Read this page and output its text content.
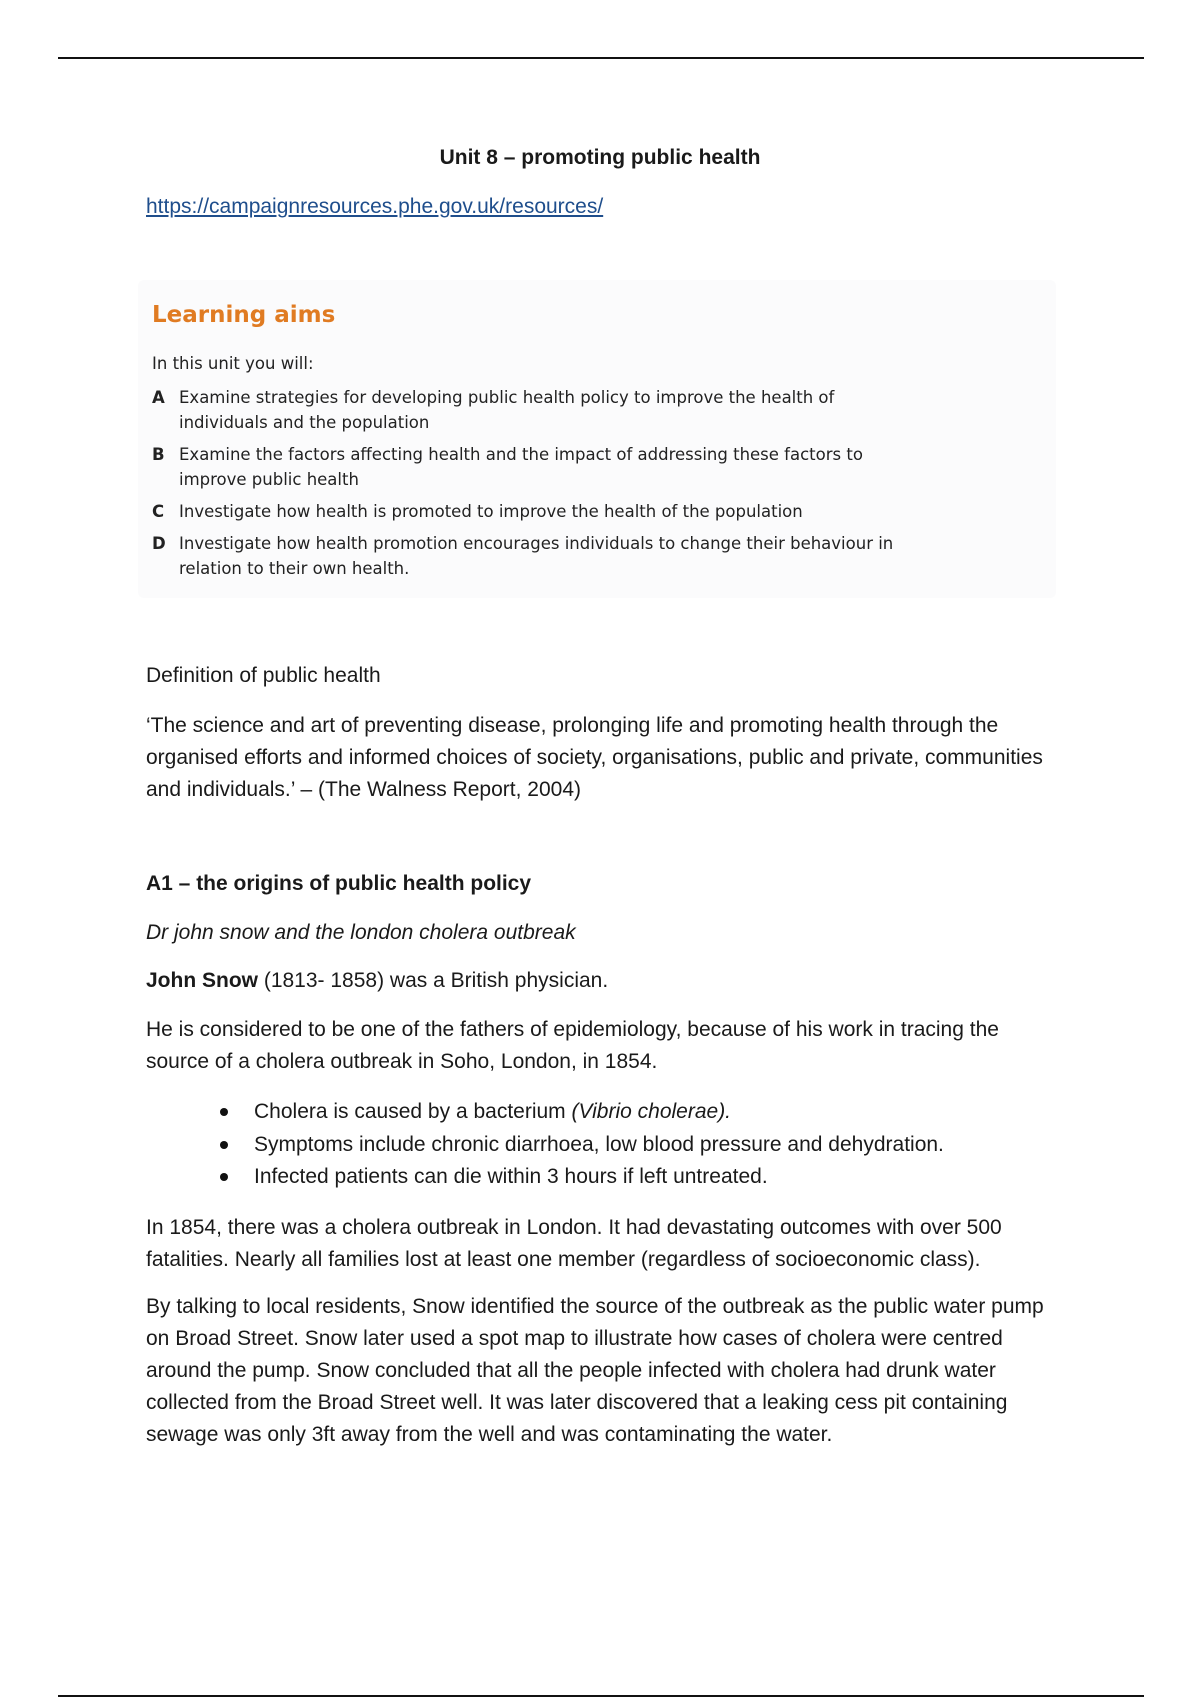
Unit 8 – promoting public health
https://campaignresources.phe.gov.uk/resources/
Learning aims
In this unit you will:
A Examine strategies for developing public health policy to improve the health of individuals and the population
B Examine the factors affecting health and the impact of addressing these factors to improve public health
C Investigate how health is promoted to improve the health of the population
D Investigate how health promotion encourages individuals to change their behaviour in relation to their own health.

Definition of public health

‘The science and art of preventing disease, prolonging life and promoting health through the organised efforts and informed choices of society, organisations, public and private, communities and individuals.’ – (The Walness Report, 2004)

A1 – the origins of public health policy

Dr john snow and the london cholera outbreak

John Snow (1813- 1858) was a British physician.

He is considered to be one of the fathers of epidemiology, because of his work in tracing the source of a cholera outbreak in Soho, London, in 1854.

Cholera is caused by a bacterium (Vibrio cholerae).
Symptoms include chronic diarrhoea, low blood pressure and dehydration.
Infected patients can die within 3 hours if left untreated.

In 1854, there was a cholera outbreak in London. It had devastating outcomes with over 500 fatalities. Nearly all families lost at least one member (regardless of socioeconomic class).

By talking to local residents, Snow identified the source of the outbreak as the public water pump on Broad Street. Snow later used a spot map to illustrate how cases of cholera were centred around the pump. Snow concluded that all the people infected with cholera had drunk water collected from the Broad Street well. It was later discovered that a leaking cess pit containing sewage was only 3ft away from the well and was contaminating the water.
